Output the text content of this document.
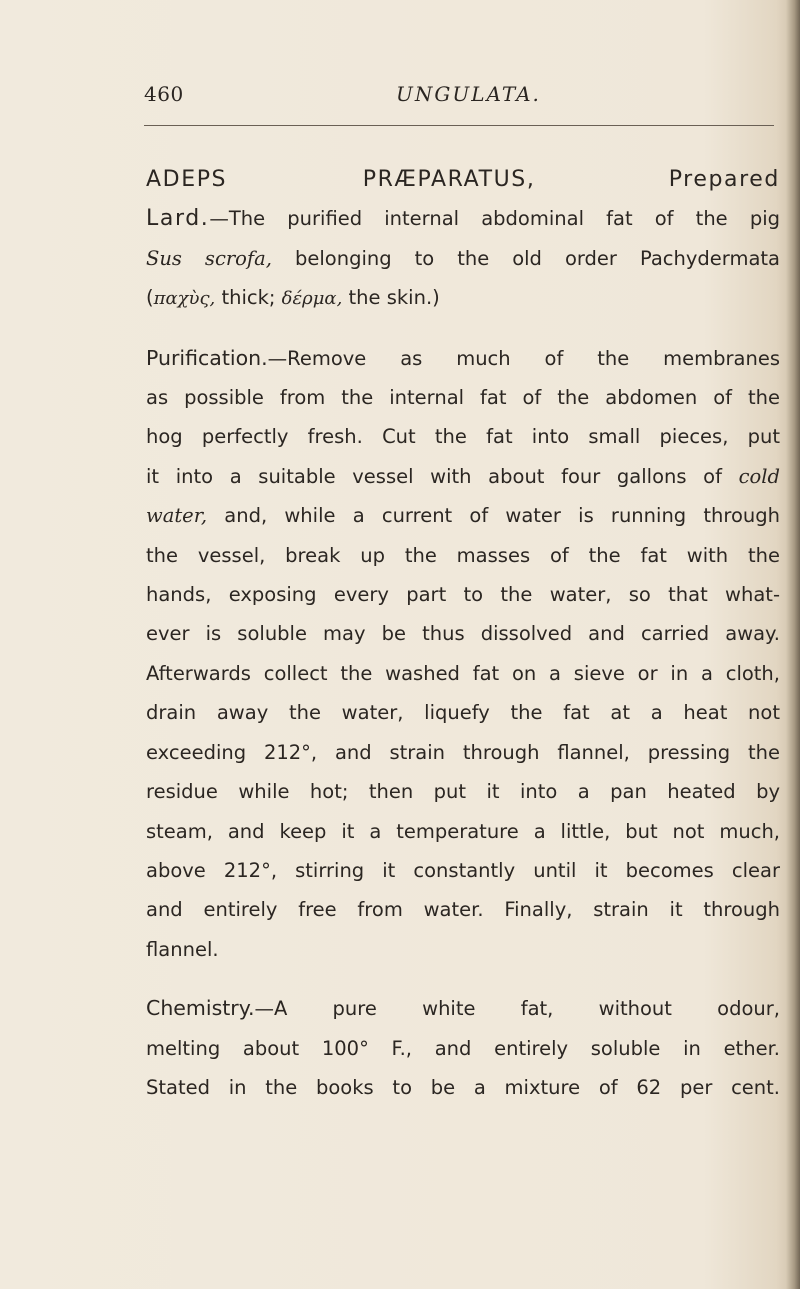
460	UNGULATA.
ADEPS PRÆPARATUS,	Prepared
Lard.—The purified internal abdominal fat of the pig
Sus scrofa, belonging to the old order Pachydermata
(παχὺς, thick; δέρμα, the skin.)
Purification.—Remove as much of the membranes
as possible from the internal fat of the abdomen of the
hog perfectly fresh. Cut the fat into small pieces, put
it into a suitable vessel with about four gallons of cold
water, and, while a current of water is running through
the vessel, break up the masses of the fat with the
hands, exposing every part to the water, so that what-
ever is soluble may be thus dissolved and carried away.
Afterwards collect the washed fat on a sieve or in a cloth,
drain away the water, liquefy the fat at a heat not
exceeding 212°, and strain through flannel, pressing the
residue while hot; then put it into a pan heated by
steam, and keep it a temperature a little, but not much,
above 212°, stirring it constantly until it becomes clear
and entirely free from water. Finally, strain it through
flannel.
Chemistry.—A pure white fat, without odour,
melting about 100° F., and entirely soluble in ether.
Stated in the books to be a mixture of 62 per cent.
